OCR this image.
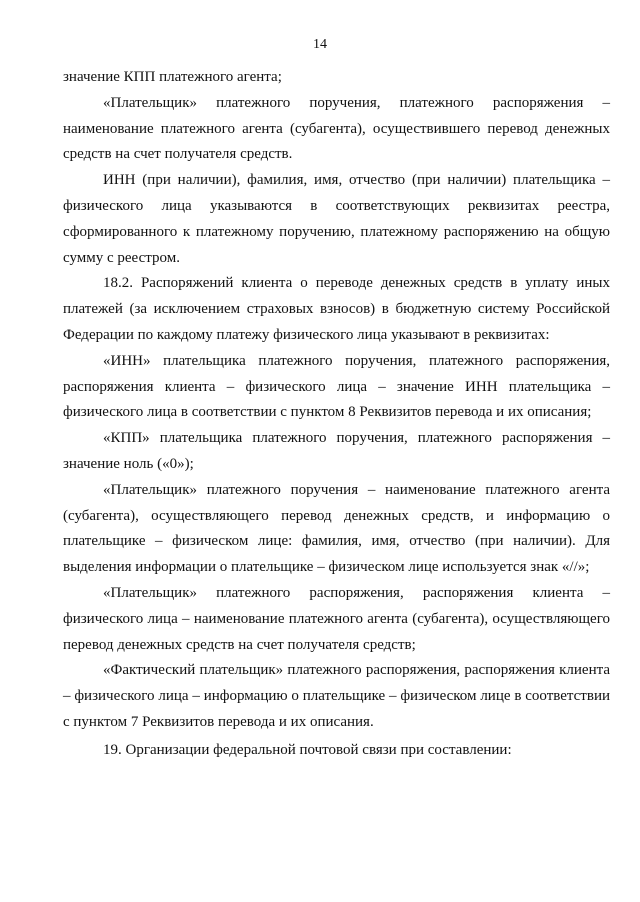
14

значение КПП платежного агента;

«Плательщик» платежного поручения, платежного распоряжения – наименование платежного агента (субагента), осуществившего перевод денежных средств на счет получателя средств.

ИНН (при наличии), фамилия, имя, отчество (при наличии) плательщика – физического лица указываются в соответствующих реквизитах реестра, сформированного к платежному поручению, платежному распоряжению на общую сумму с реестром.

18.2. Распоряжений клиента о переводе денежных средств в уплату иных платежей (за исключением страховых взносов) в бюджетную систему Российской Федерации по каждому платежу физического лица указывают в реквизитах:

«ИНН» плательщика платежного поручения, платежного распоряжения, распоряжения клиента – физического лица – значение ИНН плательщика – физического лица в соответствии с пунктом 8 Реквизитов перевода и их описания;

«КПП» плательщика платежного поручения, платежного распоряжения – значение ноль («0»);

«Плательщик» платежного поручения – наименование платежного агента (субагента), осуществляющего перевод денежных средств, и информацию о плательщике – физическом лице: фамилия, имя, отчество (при наличии). Для выделения информации о плательщике – физическом лице используется знак «//»;

«Плательщик» платежного распоряжения, распоряжения клиента – физического лица – наименование платежного агента (субагента), осуществляющего перевод денежных средств на счет получателя средств;

«Фактический плательщик» платежного распоряжения, распоряжения клиента – физического лица – информацию о плательщике – физическом лице в соответствии с пунктом 7 Реквизитов перевода и их описания.

19. Организации федеральной почтовой связи при составлении:
